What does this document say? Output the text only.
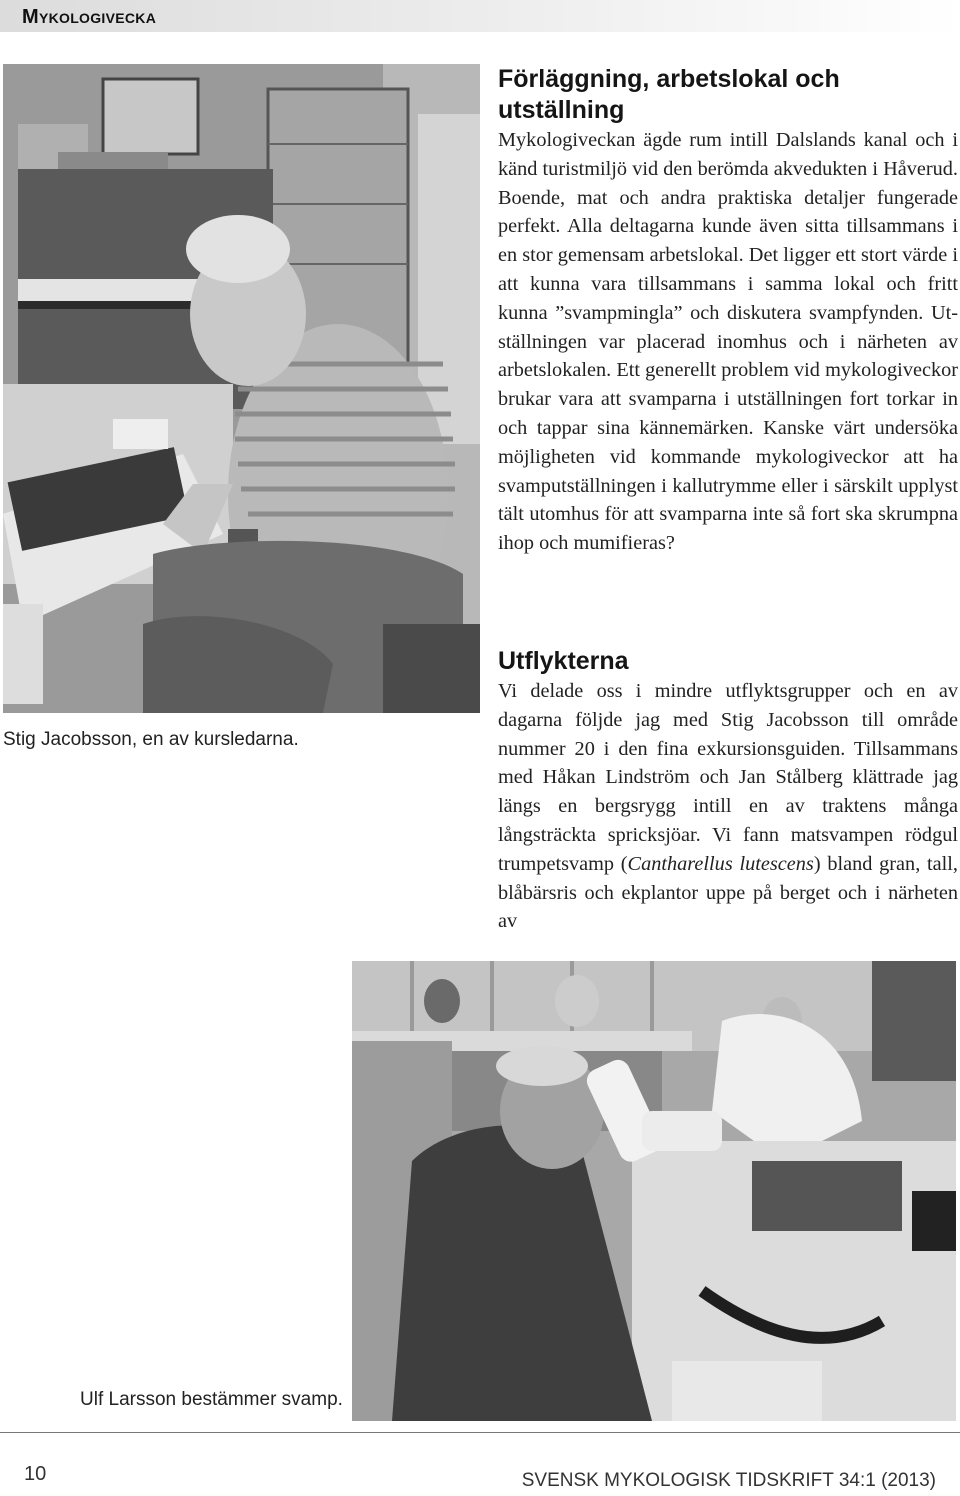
Mykologivecka
Stig Jacobsson, en av kursledarna.
Förläggning, arbetslokal och utställning

Mykologiveckan ägde rum intill Dalslands kanal och i känd turistmiljö vid den berömda akvedukten i Håverud. Boende, mat och andra praktiska detaljer fungerade perfekt. Alla deltagarna kunde även sitta tillsammans i en stor gemensam arbetslokal. Det ligger ett stort värde i att kunna vara tillsammans i samma lokal och fritt kunna ”svampmingla” och diskutera svampfynden. Utställningen var placerad inomhus och i närheten av arbetslokalen. Ett generellt problem vid mykologiveckor brukar vara att svamparna i utställningen fort torkar in och tappar sina kännemärken. Kanske värt undersöka möjligheten vid kommande mykologiveckor att ha svamputställningen i kallutrymme eller i särskilt upplyst tält utomhus för att svamparna inte så fort ska skrumpna ihop och mumifieras?

Utflykterna

Vi delade oss i mindre utflyktsgrupper och en av dagarna följde jag med Stig Jacobsson till område nummer 20 i den fina exkursionsguiden. Tillsammans med Håkan Lindström och Jan Stålberg klättrade jag längs en bergsrygg intill en av traktens många långsträckta spricksjöar. Vi fann matsvampen rödgul trumpetsvamp (Cantharellus lutescens) bland gran, tall, blåbärsris och ekplantor uppe på berget och i närheten av

Ulf Larsson bestämmer svamp.
10	SVENSK MYKOLOGISK TIDSKRIFT 34:1 (2013)
